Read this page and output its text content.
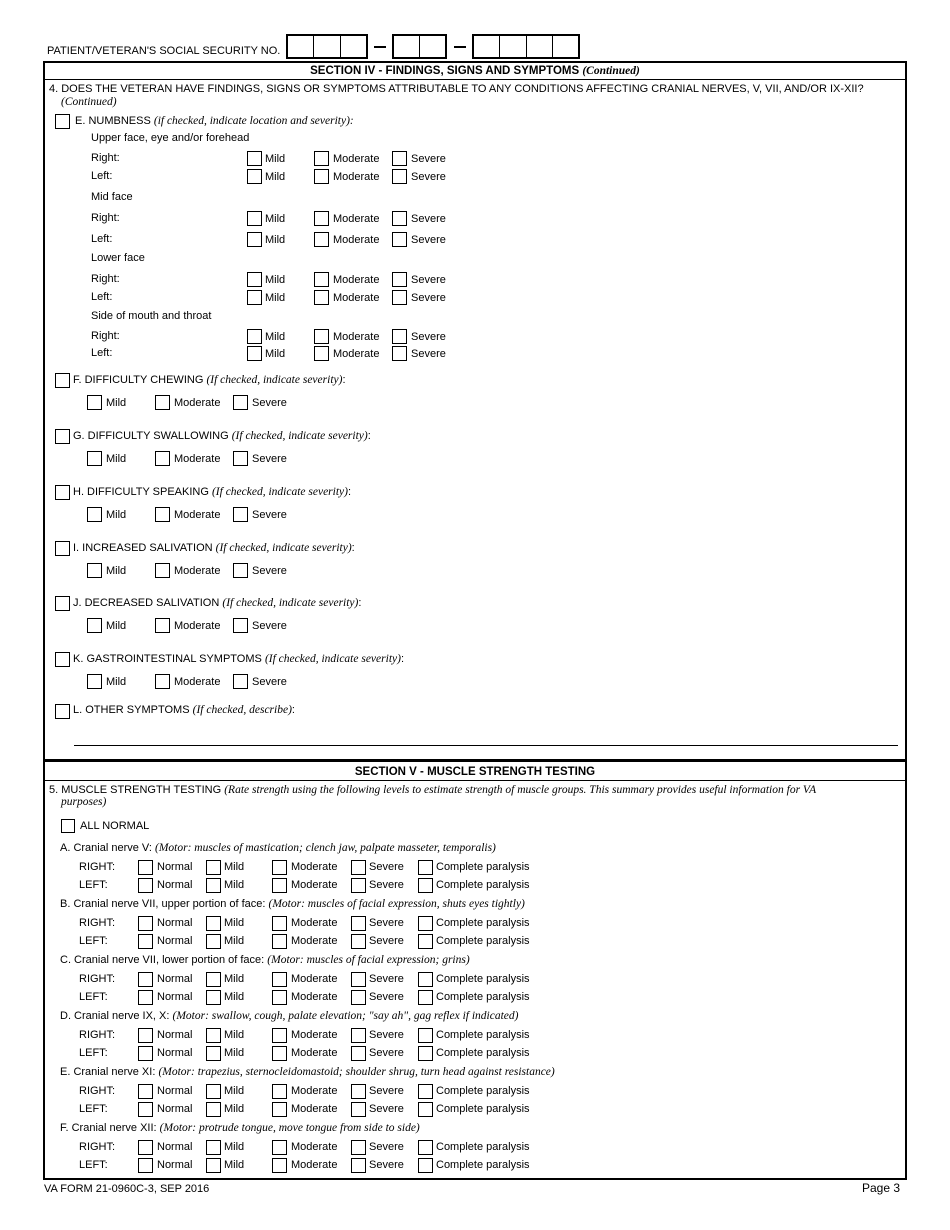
PATIENT/VETERAN'S SOCIAL SECURITY NO.
SECTION IV - FINDINGS, SIGNS AND SYMPTOMS (Continued)
4. DOES THE VETERAN HAVE FINDINGS, SIGNS OR SYMPTOMS ATTRIBUTABLE TO ANY CONDITIONS AFFECTING CRANIAL NERVES, V, VII, AND/OR IX-XII?
(Continued)
E. NUMBNESS (if checked, indicate location and severity):
Upper face, eye and/or forehead
Right:	Mild	Moderate	Severe
Left:	Mild	Moderate	Severe
Mid face
Right:	Mild	Moderate	Severe
Left:	Mild	Moderate	Severe
Lower face
Right:	Mild	Moderate	Severe
Left:	Mild	Moderate	Severe
Side of mouth and throat
Right:	Mild	Moderate	Severe
Left:	Mild	Moderate	Severe
F. DIFFICULTY CHEWING (If checked, indicate severity):
Mild	Moderate	Severe
G. DIFFICULTY SWALLOWING (If checked, indicate severity):
Mild	Moderate	Severe
H. DIFFICULTY SPEAKING (If checked, indicate severity):
Mild	Moderate	Severe
I. INCREASED SALIVATION (If checked, indicate severity):
Mild	Moderate	Severe
J. DECREASED SALIVATION (If checked, indicate severity):
Mild	Moderate	Severe
K. GASTROINTESTINAL SYMPTOMS (If checked, indicate severity):
Mild	Moderate	Severe
L. OTHER SYMPTOMS (If checked, describe):
SECTION V - MUSCLE STRENGTH TESTING
5. MUSCLE STRENGTH TESTING (Rate strength using the following levels to estimate strength of muscle groups. This summary provides useful information for VA
purposes)
ALL NORMAL
A. Cranial nerve V: (Motor: muscles of mastication; clench jaw, palpate masseter, temporalis)
RIGHT:	Normal	Mild	Moderate	Severe	Complete paralysis
LEFT:	Normal	Mild	Moderate	Severe	Complete paralysis
B. Cranial nerve VII, upper portion of face: (Motor: muscles of facial expression, shuts eyes tightly)
RIGHT:	Normal	Mild	Moderate	Severe	Complete paralysis
LEFT:	Normal	Mild	Moderate	Severe	Complete paralysis
C. Cranial nerve VII, lower portion of face: (Motor: muscles of facial expression; grins)
RIGHT:	Normal	Mild	Moderate	Severe	Complete paralysis
LEFT:	Normal	Mild	Moderate	Severe	Complete paralysis
D. Cranial nerve IX, X: (Motor: swallow, cough, palate elevation; "say ah", gag reflex if indicated)
RIGHT:	Normal	Mild	Moderate	Severe	Complete paralysis
LEFT:	Normal	Mild	Moderate	Severe	Complete paralysis
E. Cranial nerve XI: (Motor: trapezius, sternocleidomastoid; shoulder shrug, turn head against resistance)
RIGHT:	Normal	Mild	Moderate	Severe	Complete paralysis
LEFT:	Normal	Mild	Moderate	Severe	Complete paralysis
F. Cranial nerve XII: (Motor: protrude tongue, move tongue from side to side)
RIGHT:	Normal	Mild	Moderate	Severe	Complete paralysis
LEFT:	Normal	Mild	Moderate	Severe	Complete paralysis
VA FORM 21-0960C-3, SEP 2016	Page 3
